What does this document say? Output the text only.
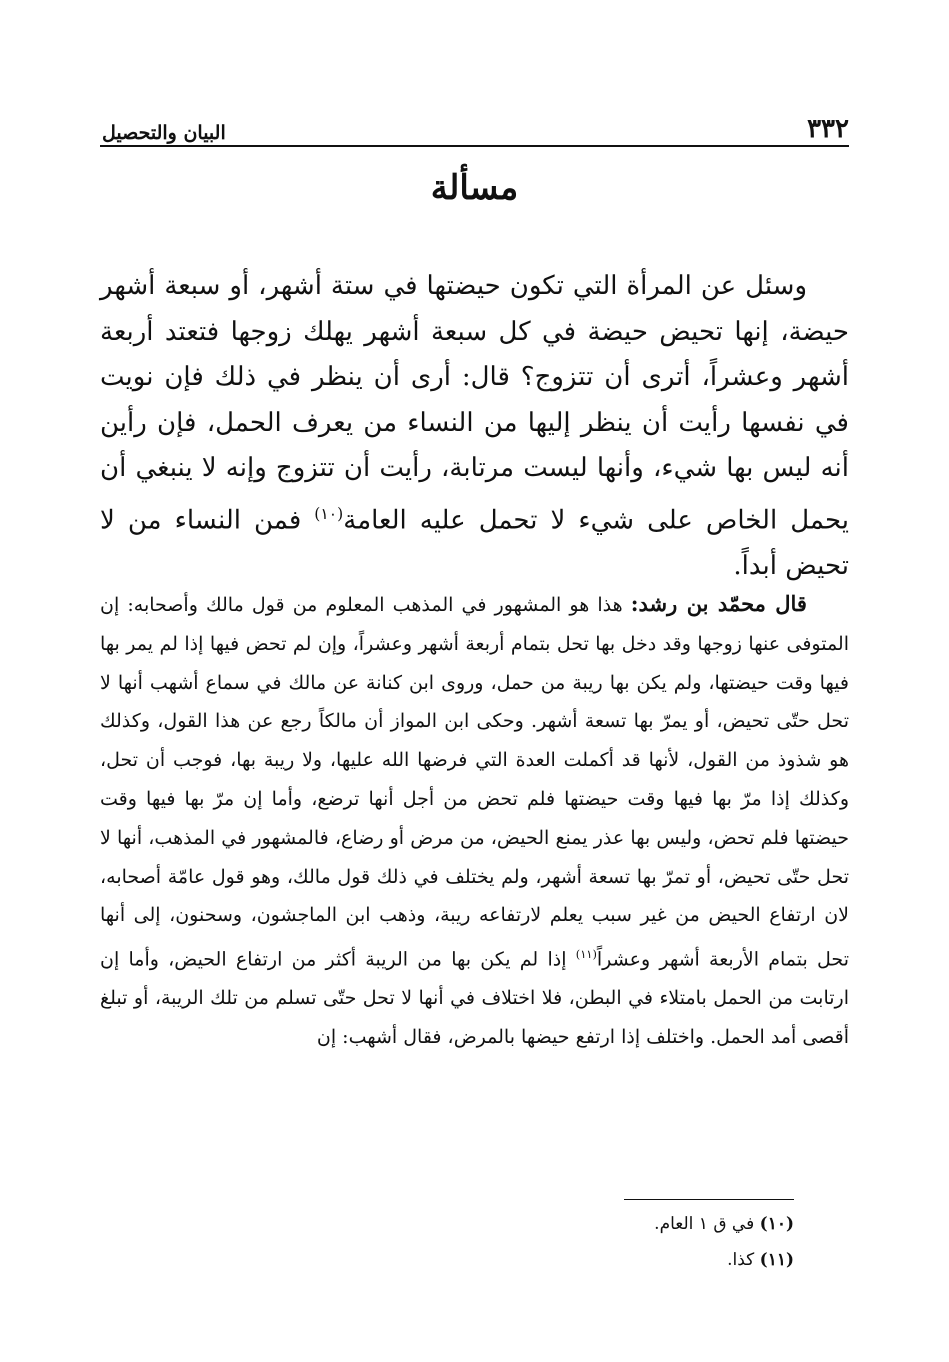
البيان والتحصيل	٣٣٢
مسألة

وسئل عن المرأة التي تكون حيضتها في ستة أشهر، أو سبعة أشهر حيضة، إنها تحيض حيضة في كل سبعة أشهر يهلك زوجها فتعتد أربعة أشهر وعشراً، أترى أن تتزوج؟ قال: أرى أن ينظر في ذلك فإن نويت في نفسها رأيت أن ينظر إليها من النساء من يعرف الحمل، فإن رأين أنه ليس بها شيء، وأنها ليست مرتابة، رأيت أن تتزوج وإنه لا ينبغي أن يحمل الخاص على شيء لا تحمل عليه العامة$^{(١٠)}$ فمن النساء من لا تحيض أبداً.

قال محمّد بن رشد: هذا هو المشهور في المذهب المعلوم من قول مالك وأصحابه: إن المتوفى عنها زوجها وقد دخل بها تحل بتمام أربعة أشهر وعشراً، وإن لم تحض فيها إذا لم يمر بها فيها وقت حيضتها، ولم يكن بها ريبة من حمل، وروى ابن كنانة عن مالك في سماع أشهب أنها لا تحل حتّى تحيض، أو يمرّ بها تسعة أشهر. وحكى ابن المواز أن مالكاً رجع عن هذا القول، وكذلك هو شذوذ من القول، لأنها قد أكملت العدة التي فرضها الله عليها، ولا ريبة بها، فوجب أن تحل، وكذلك إذا مرّ بها فيها وقت حيضتها فلم تحض من أجل أنها ترضع، وأما إن مرّ بها فيها وقت حيضتها فلم تحض، وليس بها عذر يمنع الحيض، من مرض أو رضاع، فالمشهور في المذهب، أنها لا تحل حتّى تحيض، أو تمرّ بها تسعة أشهر، ولم يختلف في ذلك قول مالك، وهو قول عامّة أصحابه، لان ارتفاع الحيض من غير سبب يعلم لارتفاعه ريبة، وذهب ابن الماجشون، وسحنون، إلى أنها تحل بتمام الأربعة أشهر وعشراً$^{(١١)}$ إذا لم يكن بها من الريبة أكثر من ارتفاع الحيض، وأما إن ارتابت من الحمل بامتلاء في البطن، فلا اختلاف في أنها لا تحل حتّى تسلم من تلك الريبة، أو تبلغ أقصى أمد الحمل. واختلف إذا ارتفع حيضها بالمرض، فقال أشهب: إن

(١٠) في ق ١ العام.
(١١) كذا.
